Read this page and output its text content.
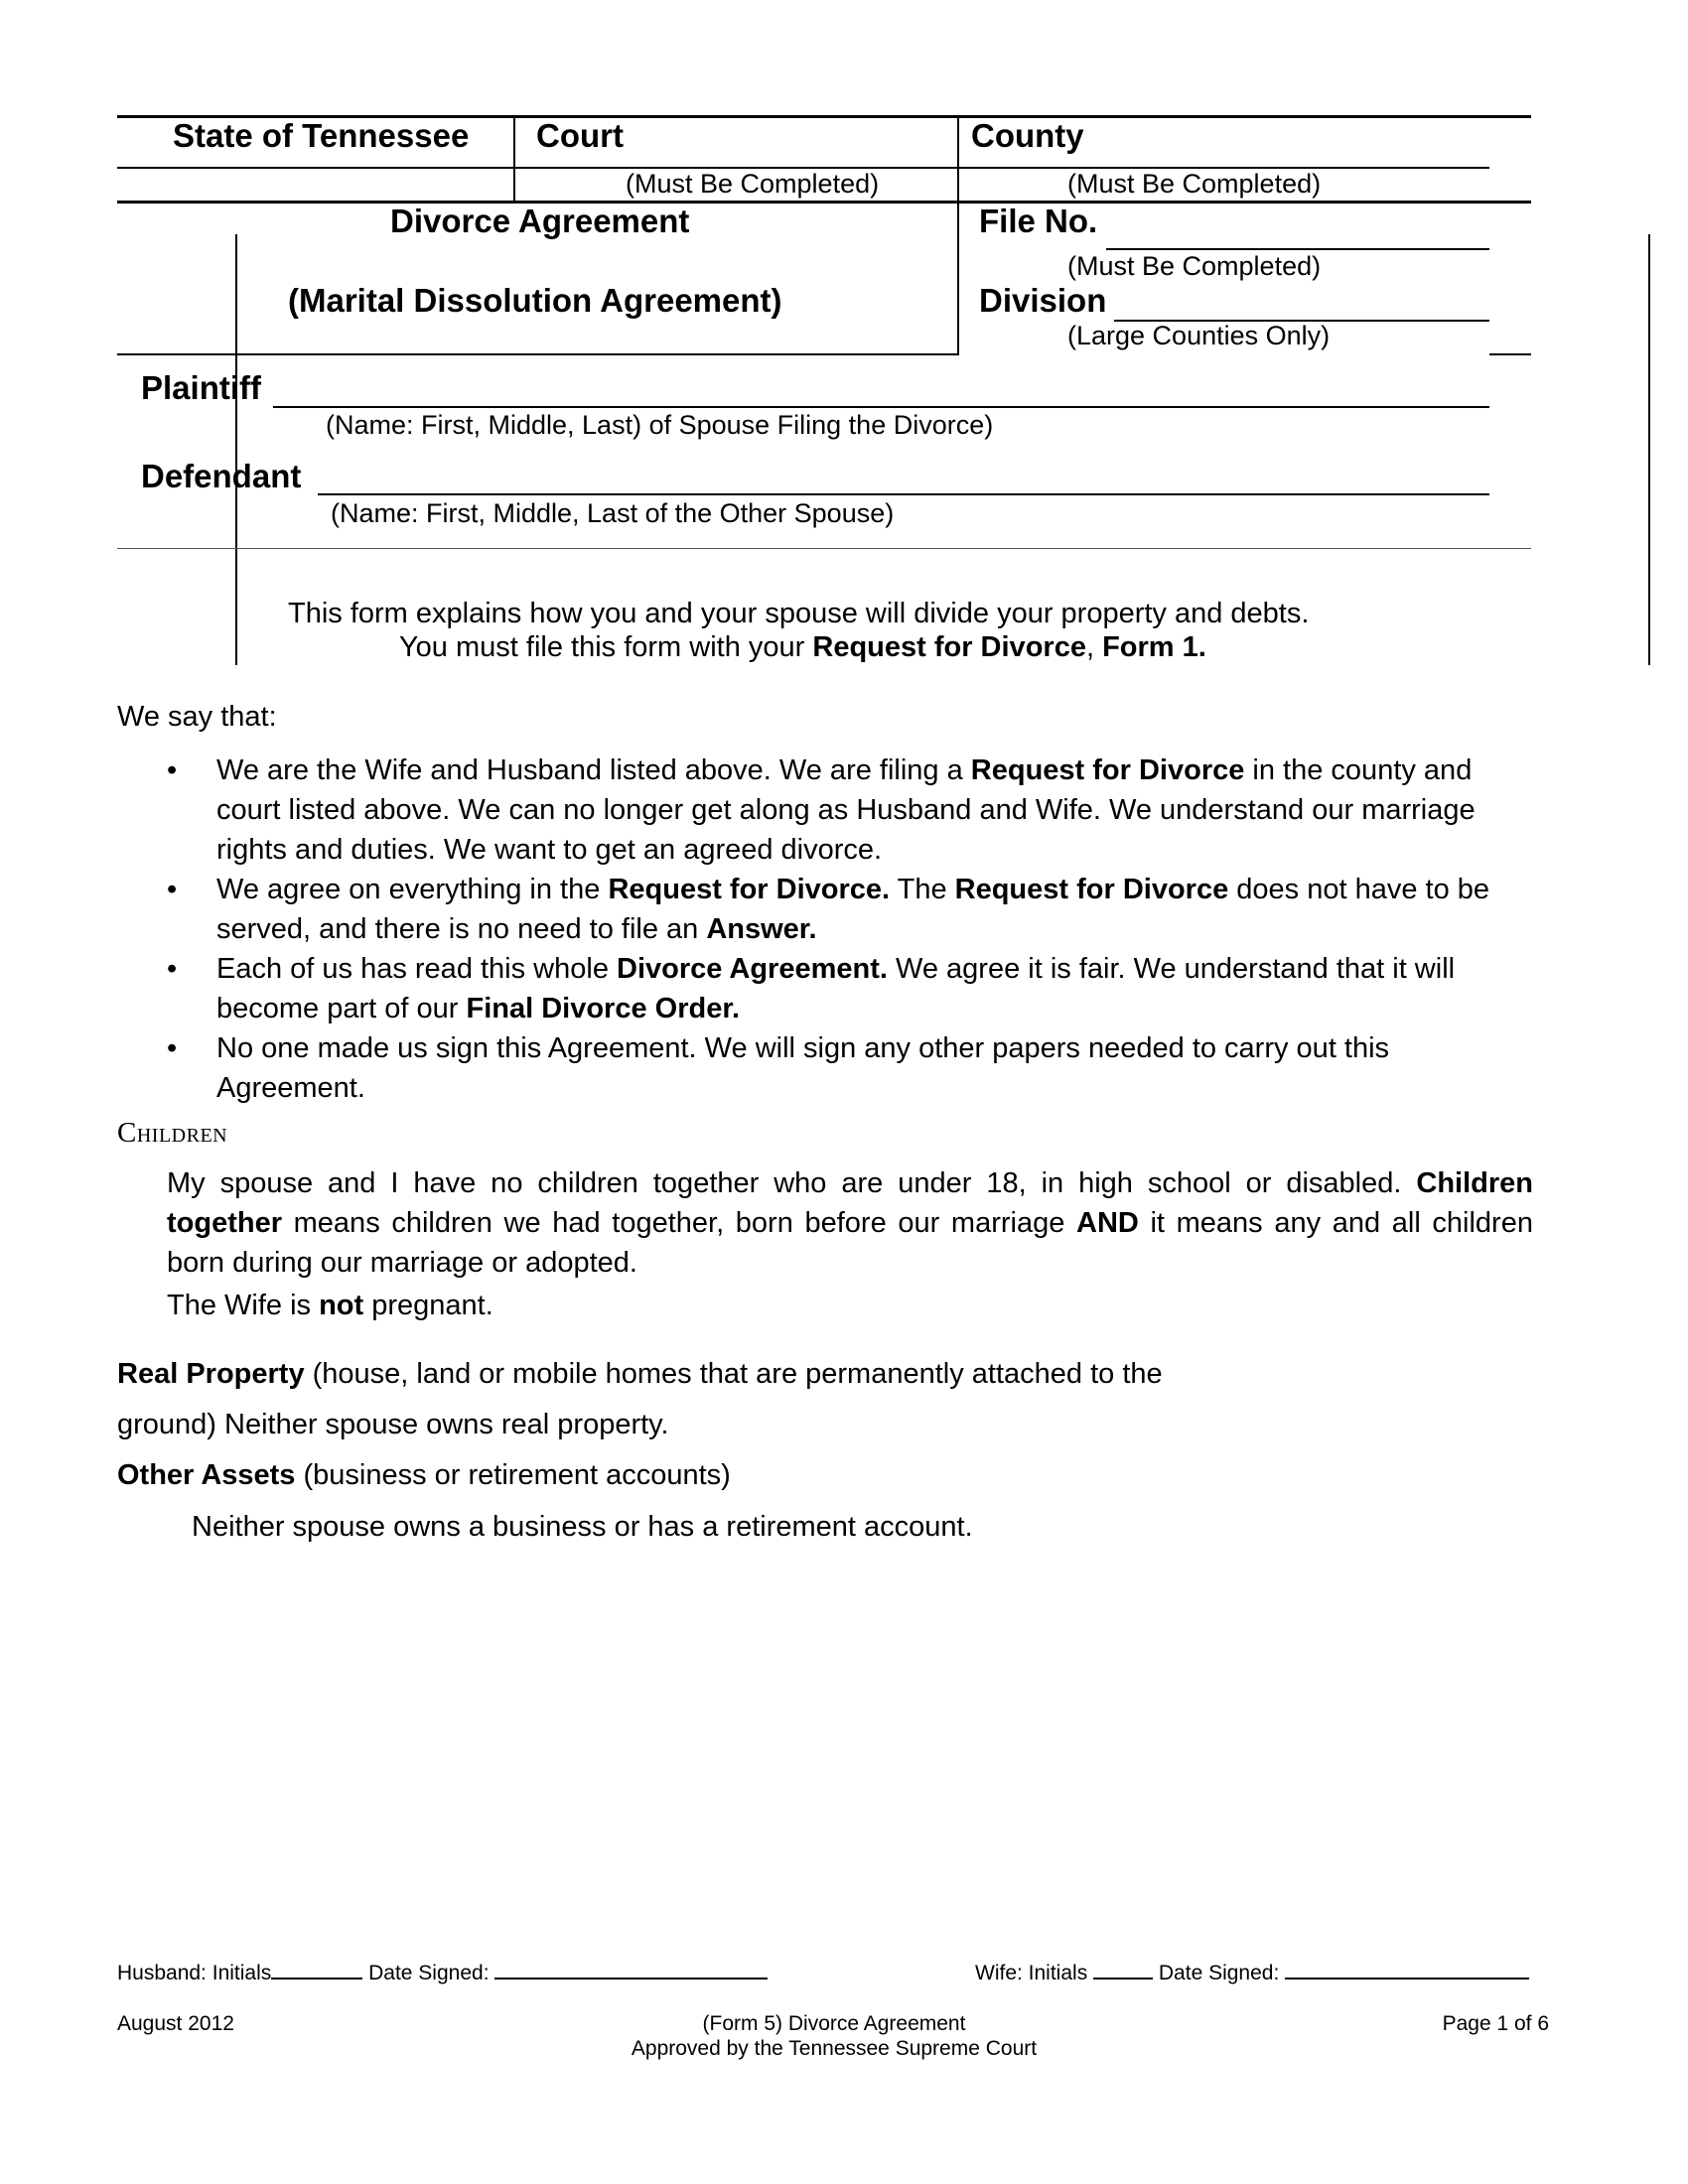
State of Tennessee Court	County
(Must Be Completed)	(Must Be Completed)
Divorce Agreement
(Marital Dissolution Agreement)
File No.
(Must Be Completed)
Division
(Large Counties Only)
Plaintiff
(Name: First, Middle, Last) of Spouse Filing the Divorce)
Defendant
(Name: First, Middle, Last of the Other Spouse)
This form explains how you and your spouse will divide your property and debts.
You must file this form with your Request for Divorce, Form 1.
We say that:
• We are the Wife and Husband listed above. We are filing a Request for Divorce in the county and court listed above. We can no longer get along as Husband and Wife. We understand our marriage rights and duties. We want to get an agreed divorce.
• We agree on everything in the Request for Divorce. The Request for Divorce does not have to be served, and there is no need to file an Answer.
• Each of us has read this whole Divorce Agreement. We agree it is fair. We understand that it will become part of our Final Divorce Order.
• No one made us sign this Agreement. We will sign any other papers needed to carry out this Agreement.
Children
My spouse and I have no children together who are under 18, in high school or disabled. Children together means children we had together, born before our marriage AND it means any and all children born during our marriage or adopted.
The Wife is not pregnant.
Real Property (house, land or mobile homes that are permanently attached to the
ground) Neither spouse owns real property.
Other Assets (business or retirement accounts)
Neither spouse owns a business or has a retirement account.
Husband: Initials	Date Signed:	Wife: Initials	Date Signed:
August 2012	(Form 5) Divorce Agreement
Approved by the Tennessee Supreme Court
Page 1 of 6
